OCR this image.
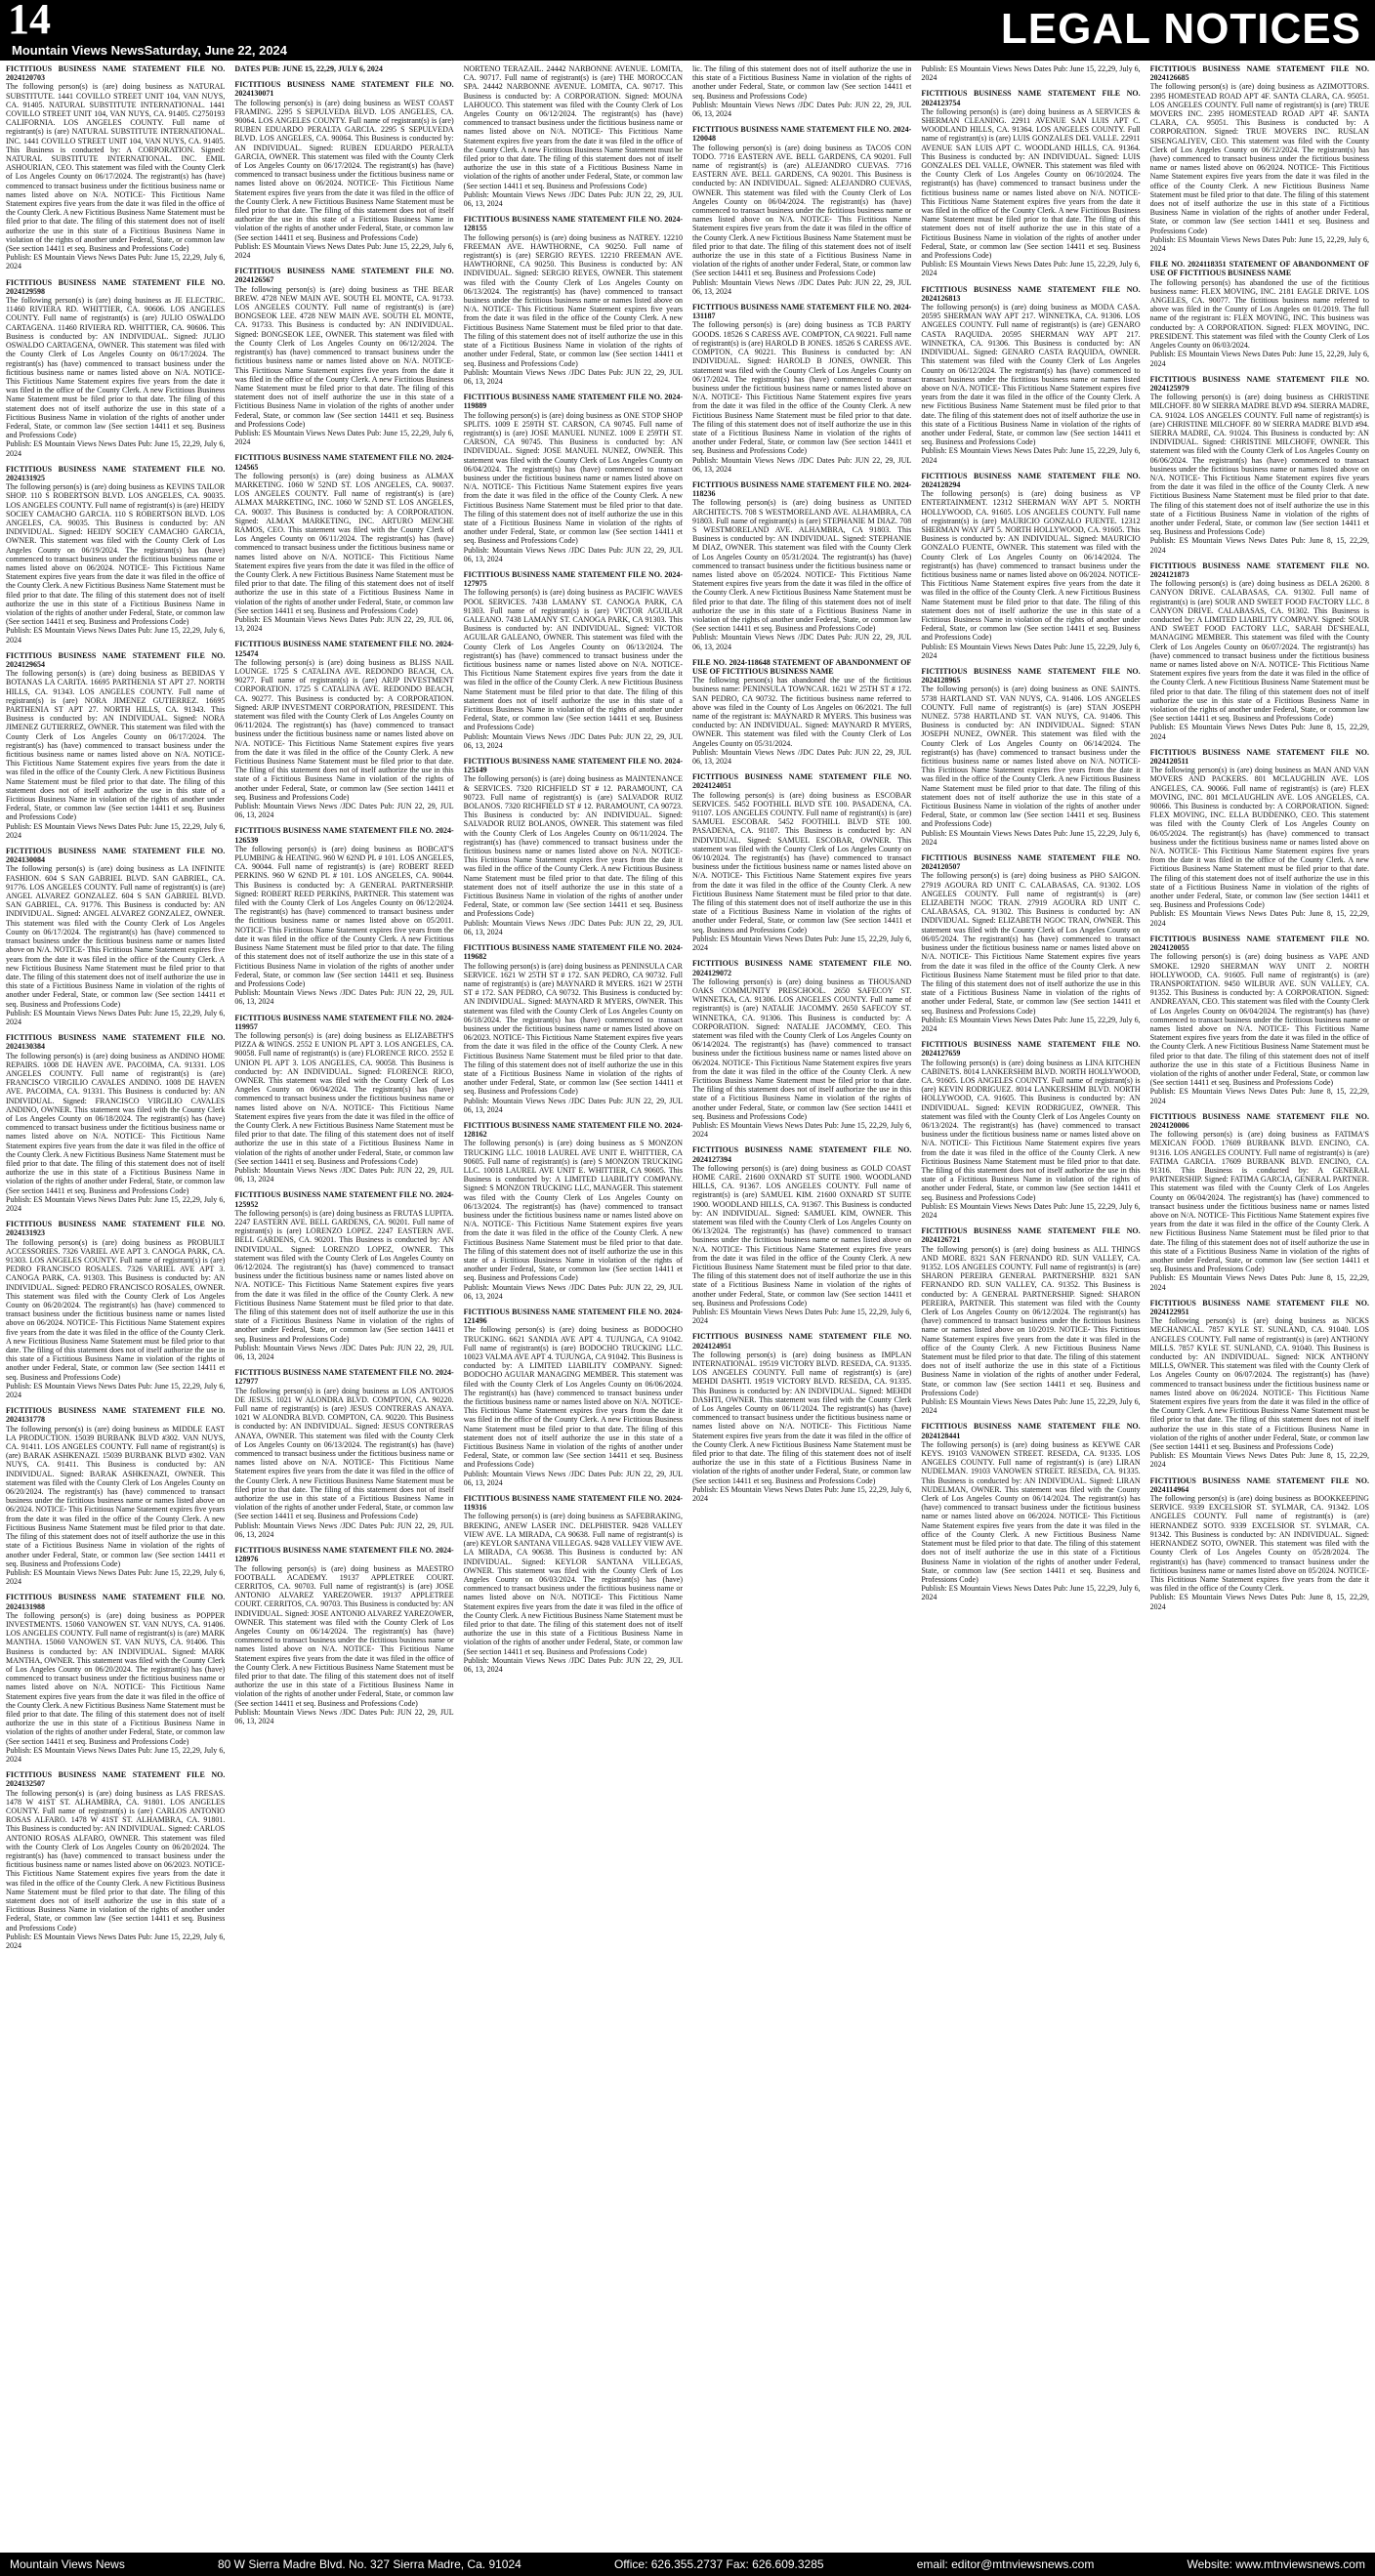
14
Mountain Views NewsSaturday, June 22, 2024	LEGAL NOTICES

FICTITIOUS BUSINESS NAME STATEMENT FILE NO. 2024120703

The following person(s) is (are) doing business as NATURAL SUBSTITUTE. 1441 COVILLO STREET UNIT 104, VAN NUYS, CA. 91405. NATURAL SUBSTITUTE INTERNATIONAL. 1441 COVILLO STREET UNIT 104, VAN NUYS, CA. 91405. C2750193 CALIFORNIA. LOS ANGELES COUNTY. Full name of registrant(s) is (are) NATURAL SUBSTITUTE INTERNATIONAL. INC. 1441 COVILLO STREET UNIT 104, VAN NUYS, CA. 91405. This Business is conducted by: A CORPORATION. Signed: NATURAL SUBSTITUTE INTERNATIONAL. INC. EMIL ASHOURIAN, CEO. This statement was filed with the County Clerk of Los Angeles County on 06/17/2024. The registrant(s) has (have) commenced to transact business under the fictitious business name or names listed above on N/A. NOTICE- This Fictitious Name Statement expires five years from the date it was filed in the office of the County Clerk. A new Fictitious Business Name Statement must be filed prior to that date. The filing of this statement does not of itself authorize the use in this state of a Fictitious Business Name in violation of the rights of another under Federal, State, or common law (See section 14411 et seq. Business and Professions Code)

Publish: ES Mountain Views News Dates Pub: June 15, 22,29, July 6, 2024

FICTITIOUS BUSINESS NAME STATEMENT FILE NO. 2024129598

The following person(s) is (are) doing business as JE ELECTRIC. 11460 RIVIERA RD. WHITTIER, CA. 90606. LOS ANGELES COUNTY. Full name of registrant(s) is (are) JULIO OSWALDO CARTAGENA. 11460 RIVIERA RD. WHITTIER, CA. 90606. This Business is conducted by: AN INDIVIDUAL. Signed: JULIO OSWALDO CARTAGENA, OWNER. This statement was filed with the County Clerk of Los Angeles County on 06/17/2024. The registrant(s) has (have) commenced to transact business under the fictitious business name or names listed above on N/A. NOTICE- This Fictitious Name Statement expires five years from the date it was filed in the office of the County Clerk. A new Fictitious Business Name Statement must be filed prior to that date. The filing of this statement does not of itself authorize the use in this state of a Fictitious Business Name in violation of the rights of another under Federal, State, or common law (See section 14411 et seq. Business and Professions Code)

Publish: ES Mountain Views News Dates Pub: June 15, 22,29, July 6, 2024

FICTITIOUS BUSINESS NAME STATEMENT FILE NO. 2024131925

The following person(s) is (are) doing business as KEVINS TAILOR SHOP. 110 S ROBERTSON BLVD. LOS ANGELES, CA. 90035. LOS ANGELES COUNTY. Full name of registrant(s) is (are) HEIDY SOCIEY CAMACHO GARCIA. 110 S ROBERTSON BLVD. LOS ANGELES, CA. 90035. This Business is conducted by: AN INDIVIDUAL. Signed: HEIDY SOCIEY CAMACHO GARCIA, OWNER. This statement was filed with the County Clerk of Los Angeles County on 06/19/2024. The registrant(s) has (have) commenced to transact business under the fictitious business name or names listed above on 06/2024. NOTICE- This Fictitious Name Statement expires five years from the date it was filed in the office of the County Clerk. A new Fictitious Business Name Statement must be filed prior to that date. The filing of this statement does not of itself authorize the use in this state of a Fictitious Business Name in violation of the rights of another under Federal, State, or common law (See section 14411 et seq. Business and Professions Code)

Publish: ES Mountain Views News Dates Pub: June 15, 22,29, July 6, 2024

FICTITIOUS BUSINESS NAME STATEMENT FILE NO. 2024129654

The following person(s) is (are) doing business as BEBIDAS Y BOTANAS LA CARITA. 16695 PARTHENIA ST APT 27. NORTH HILLS, CA. 91343. LOS ANGELES COUNTY. Full name of registrant(s) is (are) NORA JIMENEZ GUTIERREZ. 16695 PARTHENIA ST APT 27. NORTH HILLS, CA. 91343. This Business is conducted by: AN INDIVIDUAL. Signed: NORA JIMENEZ GUTIERREZ, OWNER. This statement was filed with the County Clerk of Los Angeles County on 06/17/2024. The registrant(s) has (have) commenced to transact business under the fictitious business name or names listed above on N/A. NOTICE- This Fictitious Name Statement expires five years from the date it was filed in the office of the County Clerk. A new Fictitious Business Name Statement must be filed prior to that date. The filing of this statement does not of itself authorize the use in this state of a Fictitious Business Name in violation of the rights of another under Federal, State, or common law (See section 14411 et seq. Business and Professions Code)

Publish: ES Mountain Views News Dates Pub: June 15, 22,29, July 6, 2024

FICTITIOUS BUSINESS NAME STATEMENT FILE NO. 2024130084

The following person(s) is (are) doing business as LA INFINITE FASHION. 604 S SAN GABRIEL BLVD. SAN GABRIEL, CA. 91776. LOS ANGELES COUNTY. Full name of registrant(s) is (are) ANGEL ALVAREZ GONZALEZ. 604 S SAN GABRIEL BLVD. SAN GABRIEL, CA. 91776. This Business is conducted by: AN INDIVIDUAL. Signed: ANGEL ALVAREZ GONZALEZ, OWNER. This statement was filed with the County Clerk of Los Angeles County on 06/17/2024. The registrant(s) has (have) commenced to transact business under the fictitious business name or names listed above on N/A. NOTICE- This Fictitious Name Statement expires five years from the date it was filed in the office of the County Clerk. A new Fictitious Business Name Statement must be filed prior to that date. The filing of this statement does not of itself authorize the use in this state of a Fictitious Business Name in violation of the rights of another under Federal, State, or common law (See section 14411 et seq. Business and Professions Code)

Publish: ES Mountain Views News Dates Pub: June 15, 22,29, July 6, 2024

FICTITIOUS BUSINESS NAME STATEMENT FILE NO. 2024130384

The following person(s) is (are) doing business as ANDINO HOME REPAIRS. 1008 DE HAVEN AVE. PACOIMA, CA. 91331. LOS ANGELES COUNTY. Full name of registrant(s) is (are) FRANCISCO VIRGILIO CAVALES ANDINO. 1008 DE HAVEN AVE. PACOIMA, CA. 91331. This Business is conducted by: AN INDIVIDUAL. Signed: FRANCISCO VIRGILIO CAVALES ANDINO, OWNER. This statement was filed with the County Clerk of Los Angeles County on 06/18/2024. The registrant(s) has (have) commenced to transact business under the fictitious business name or names listed above on N/A. NOTICE- This Fictitious Name Statement expires five years from the date it was filed in the office of the County Clerk. A new Fictitious Business Name Statement must be filed prior to that date. The filing of this statement does not of itself authorize the use in this state of a Fictitious Business Name in violation of the rights of another under Federal, State, or common law (See section 14411 et seq. Business and Professions Code)

Publish: ES Mountain Views News Dates Pub: June 15, 22,29, July 6, 2024

FICTITIOUS BUSINESS NAME STATEMENT FILE NO. 2024131923

The following person(s) is (are) doing business as PROBUILT ACCESSORIES. 7326 VARIEL AVE APT 3. CANOGA PARK, CA. 91303. LOS ANGELES COUNTY. Full name of registrant(s) is (are) PEDRO FRANCISCO ROSALES. 7326 VARIEL AVE APT 3. CANOGA PARK, CA. 91303. This Business is conducted by: AN INDIVIDUAL. Signed: PEDRO FRANCISCO ROSALES, OWNER. This statement was filed with the County Clerk of Los Angeles County on 06/20/2024. The registrant(s) has (have) commenced to transact business under the fictitious business name or names listed above on 06/2024. NOTICE- This Fictitious Name Statement expires five years from the date it was filed in the office of the County Clerk. A new Fictitious Business Name Statement must be filed prior to that date. The filing of this statement does not of itself authorize the use in this state of a Fictitious Business Name in violation of the rights of another under Federal, State, or common law (See section 14411 et seq. Business and Professions Code)

Publish: ES Mountain Views News Dates Pub: June 15, 22,29, July 6, 2024

FICTITIOUS BUSINESS NAME STATEMENT FILE NO. 2024131778

The following person(s) is (are) doing business as MIDDLE EAST LA PRODUCTION. 15039 BURBANK BLVD #302. VAN NUYS, CA. 91411. LOS ANGELES COUNTY. Full name of registrant(s) is (are) BARAK ASHKENAZI. 15039 BURBANK BLVD #302. VAN NUYS, CA. 91411. This Business is conducted by: AN INDIVIDUAL. Signed: BARAK ASHKENAZI, OWNER. This statement was filed with the County Clerk of Los Angeles County on 06/20/2024. The registrant(s) has (have) commenced to transact business under the fictitious business name or names listed above on 06/2024. NOTICE- This Fictitious Name Statement expires five years from the date it was filed in the office of the County Clerk. A new Fictitious Business Name Statement must be filed prior to that date. The filing of this statement does not of itself authorize the use in this state of a Fictitious Business Name in violation of the rights of another under Federal, State, or common law (See section 14411 et seq. Business and Professions Code)

Publish: ES Mountain Views News Dates Pub: June 15, 22,29, July 6, 2024

FICTITIOUS BUSINESS NAME STATEMENT FILE NO. 2024131988

The following person(s) is (are) doing business as POPPER INVESTMENTS. 15060 VANOWEN ST. VAN NUYS, CA. 91406. LOS ANGELES COUNTY. Full name of registrant(s) is (are) MARK MANTHA. 15060 VANOWEN ST. VAN NUYS, CA. 91406. This Business is conducted by: AN INDIVIDUAL. Signed: MARK MANTHA, OWNER. This statement was filed with the County Clerk of Los Angeles County on 06/20/2024. The registrant(s) has (have) commenced to transact business under the fictitious business name or names listed above on N/A. NOTICE- This Fictitious Name Statement expires five years from the date it was filed in the office of the County Clerk. A new Fictitious Business Name Statement must be filed prior to that date. The filing of this statement does not of itself authorize the use in this state of a Fictitious Business Name in violation of the rights of another under Federal, State, or common law (See section 14411 et seq. Business and Professions Code)

Publish: ES Mountain Views News Dates Pub: June 15, 22,29, July 6, 2024

FICTITIOUS BUSINESS NAME STATEMENT FILE NO. 2024132507

The following person(s) is (are) doing business as LAS FRESAS. 1478 W 41ST ST. ALHAMBRA, CA. 91801. LOS ANGELES COUNTY. Full name of registrant(s) is (are) CARLOS ANTONIO ROSAS ALFARO. 1478 W 41ST ST. ALHAMBRA, CA. 91801. This Business is conducted by: AN INDIVIDUAL. Signed: CARLOS ANTONIO ROSAS ALFARO, OWNER. This statement was filed with the County Clerk of Los Angeles County on 06/20/2024. The registrant(s) has (have) commenced to transact business under the fictitious business name or names listed above on 06/2023. NOTICE- This Fictitious Name Statement expires five years from the date it was filed in the office of the County Clerk. A new Fictitious Business Name Statement must be filed prior to that date. The filing of this statement does not of itself authorize the use in this state of a Fictitious Business Name in violation of the rights of another under Federal, State, or common law (See section 14411 et seq. Business and Professions Code)

Publish: ES Mountain Views News Dates Pub: June 15, 22,29, July 6, 2024

DATES PUB: JUNE 15, 22,29, JULY 6, 2024

FICTITIOUS BUSINESS NAME STATEMENT FILE NO. 2024130071

The following person(s) is (are) doing business as WEST COAST FRAMING. 2295 S SEPULVEDA BLVD. LOS ANGELES, CA. 90064. LOS ANGELES COUNTY. Full name of registrant(s) is (are) RUBEN EDUARDO PERALTA GARCIA. 2295 S SEPULVEDA BLVD. LOS ANGELES, CA. 90064. This Business is conducted by: AN INDIVIDUAL. Signed: RUBEN EDUARDO PERALTA GARCIA, OWNER. This statement was filed with the County Clerk of Los Angeles County on 06/17/2024. The registrant(s) has (have) commenced to transact business under the fictitious business name or names listed above on 06/2024. NOTICE- This Fictitious Name Statement expires five years from the date it was filed in the office of the County Clerk. A new Fictitious Business Name Statement must be filed prior to that date. The filing of this statement does not of itself authorize the use in this state of a Fictitious Business Name in violation of the rights of another under Federal, State, or common law (See section 14411 et seq. Business and Professions Code)

Publish: ES Mountain Views News Dates Pub: June 15, 22,29, July 6, 2024

FICTITIOUS BUSINESS NAME STATEMENT FILE NO. 2024126567

The following person(s) is (are) doing business as THE BEAR BREW. 4728 NEW MAIN AVE. SOUTH EL MONTE, CA. 91733. LOS ANGELES COUNTY. Full name of registrant(s) is (are) BONGSEOK LEE. 4728 NEW MAIN AVE. SOUTH EL MONTE, CA. 91733. This Business is conducted by: AN INDIVIDUAL. Signed: BONGSEOK LEE, OWNER. This statement was filed with the County Clerk of Los Angeles County on 06/12/2024. The registrant(s) has (have) commenced to transact business under the fictitious business name or names listed above on N/A. NOTICE- This Fictitious Name Statement expires five years from the date it was filed in the office of the County Clerk. A new Fictitious Business Name Statement must be filed prior to that date. The filing of this statement does not of itself authorize the use in this state of a Fictitious Business Name in violation of the rights of another under Federal, State, or common law (See section 14411 et seq. Business and Professions Code)

Publish: ES Mountain Views News Dates Pub: June 15, 22,29, July 6, 2024

FICTITIOUS BUSINESS NAME STATEMENT FILE NO. 2024-124565

The following person(s) is (are) doing business as ALMAX MARKETING. 1060 W 52ND ST. LOS ANGELES, CA. 90037. LOS ANGELES COUNTY. Full name of registrant(s) is (are) ALMAX MARKETING, INC. 1060 W 52ND ST. LOS ANGELES, CA. 90037. This Business is conducted by: A CORPORATION. Signed: ALMAX MARKETING, INC. ARTURO MENCHE RAMOS, CEO. This statement was filed with the County Clerk of Los Angeles County on 06/11/2024. The registrant(s) has (have) commenced to transact business under the fictitious business name or names listed above on N/A. NOTICE- This Fictitious Name Statement expires five years from the date it was filed in the office of the County Clerk. A new Fictitious Business Name Statement must be filed prior to that date. The filing of this statement does not of itself authorize the use in this state of a Fictitious Business Name in violation of the rights of another under Federal, State, or common law (See section 14411 et seq. Business and Professions Code)

Publish: ES Mountain Views News Dates Pub: JUN 22, 29, JUL 06, 13, 2024

FICTITIOUS BUSINESS NAME STATEMENT FILE NO. 2024-125474

The following person(s) is (are) doing business as BLISS NAIL LOUNGE. 1725 S CATALINA AVE. REDONDO BEACH, CA. 90277. Full name of registrant(s) is (are) ARJP INVESTMENT CORPORATION. 1725 S CATALINA AVE. REDONDO BEACH, CA. 90277. This Business is conducted by: A CORPORATION. Signed: ARJP INVESTMENT CORPORATION, PRESIDENT. This statement was filed with the County Clerk of Los Angeles County on 06/11/2024. The registrant(s) has (have) commenced to transact business under the fictitious business name or names listed above on N/A. NOTICE- This Fictitious Name Statement expires five years from the date it was filed in the office of the County Clerk. A new Fictitious Business Name Statement must be filed prior to that date. The filing of this statement does not of itself authorize the use in this state of a Fictitious Business Name in violation of the rights of another under Federal, State, or common law (See section 14411 et seq. Business and Professions Code)

Publish: Mountain Views News /JDC Dates Pub: JUN 22, 29, JUL 06, 13, 2024

FICTITIOUS BUSINESS NAME STATEMENT FILE NO. 2024-126539

The following person(s) is (are) doing business as BOBCAT'S PLUMBING & HEATING. 960 W 62ND PL # 101. LOS ANGELES, CA. 90044. Full name of registrant(s) is (are) ROBERT REED PERKINS. 960 W 62ND PL # 101. LOS ANGELES, CA. 90044. This Business is conducted by: A GENERAL PARTNERSHIP. Signed: ROBERT REED PERKINS, PARTNER. This statement was filed with the County Clerk of Los Angeles County on 06/12/2024. The registrant(s) has (have) commenced to transact business under the fictitious business name or names listed above on 05/2011. NOTICE- This Fictitious Name Statement expires five years from the date it was filed in the office of the County Clerk. A new Fictitious Business Name Statement must be filed prior to that date. The filing of this statement does not of itself authorize the use in this state of a Fictitious Business Name in violation of the rights of another under Federal, State, or common law (See section 14411 et seq. Business and Professions Code)

Publish: Mountain Views News /JDC Dates Pub: JUN 22, 29, JUL 06, 13, 2024

FICTITIOUS BUSINESS NAME STATEMENT FILE NO. 2024-119957

The following person(s) is (are) doing business as ELIZABETH'S PIZZA & WINGS. 2552 E UNION PL APT 3. LOS ANGELES, CA. 90058. Full name of registrant(s) is (are) FLORENCE RICO. 2552 E UNION PL APT 3. LOS ANGELES, CA. 90058. This Business is conducted by: AN INDIVIDUAL. Signed: FLORENCE RICO, OWNER. This statement was filed with the County Clerk of Los Angeles County on 06/04/2024. The registrant(s) has (have) commenced to transact business under the fictitious business name or names listed above on N/A. NOTICE- This Fictitious Name Statement expires five years from the date it was filed in the office of the County Clerk. A new Fictitious Business Name Statement must be filed prior to that date. The filing of this statement does not of itself authorize the use in this state of a Fictitious Business Name in violation of the rights of another under Federal, State, or common law (See section 14411 et seq. Business and Professions Code)

Publish: Mountain Views News /JDC Dates Pub: JUN 22, 29, JUL 06, 13, 2024

FICTITIOUS BUSINESS NAME STATEMENT FILE NO. 2024-125952

The following person(s) is (are) doing business as FRUTAS LUPITA. 2247 EASTERN AVE. BELL GARDENS, CA. 90201. Full name of registrant(s) is (are) LORENZO LOPEZ. 2247 EASTERN AVE. BELL GARDENS, CA. 90201. This Business is conducted by: AN INDIVIDUAL. Signed: LORENZO LOPEZ, OWNER. This statement was filed with the County Clerk of Los Angeles County on 06/12/2024. The registrant(s) has (have) commenced to transact business under the fictitious business name or names listed above on N/A. NOTICE- This Fictitious Name Statement expires five years from the date it was filed in the office of the County Clerk. A new Fictitious Business Name Statement must be filed prior to that date. The filing of this statement does not of itself authorize the use in this state of a Fictitious Business Name in violation of the rights of another under Federal, State, or common law (See section 14411 et seq. Business and Professions Code)

Publish: Mountain Views News /JDC Dates Pub: JUN 22, 29, JUL 06, 13, 2024

FICTITIOUS BUSINESS NAME STATEMENT FILE NO. 2024-127977

The following person(s) is (are) doing business as LOS ANTOJOS DE JESUS. 1021 W ALONDRA BLVD. COMPTON, CA. 90220. Full name of registrant(s) is (are) JESUS CONTRERAS ANAYA. 1021 W ALONDRA BLVD. COMPTON, CA. 90220. This Business is conducted by: AN INDIVIDUAL. Signed: JESUS CONTRERAS ANAYA, OWNER. This statement was filed with the County Clerk of Los Angeles County on 06/13/2024. The registrant(s) has (have) commenced to transact business under the fictitious business name or names listed above on N/A. NOTICE- This Fictitious Name Statement expires five years from the date it was filed in the office of the County Clerk. A new Fictitious Business Name Statement must be filed prior to that date. The filing of this statement does not of itself authorize the use in this state of a Fictitious Business Name in violation of the rights of another under Federal, State, or common law (See section 14411 et seq. Business and Professions Code)

Publish: Mountain Views News /JDC Dates Pub: JUN 22, 29, JUL 06, 13, 2024

FICTITIOUS BUSINESS NAME STATEMENT FILE NO. 2024-128976

The following person(s) is (are) doing business as MAESTRO FOOTBALL ACADEMY. 19137 APPLETREE COURT. CERRITOS, CA. 90703. Full name of registrant(s) is (are) JOSE ANTONIO ALVAREZ YAREZOWER. 19137 APPLETREE COURT. CERRITOS, CA. 90703. This Business is conducted by: AN INDIVIDUAL. Signed: JOSE ANTONIO ALVAREZ YAREZOWER, OWNER. This statement was filed with the County Clerk of Los Angeles County on 06/14/2024. The registrant(s) has (have) commenced to transact business under the fictitious business name or names listed above on N/A. NOTICE- This Fictitious Name Statement expires five years from the date it was filed in the office of the County Clerk. A new Fictitious Business Name Statement must be filed prior to that date. The filing of this statement does not of itself authorize the use in this state of a Fictitious Business Name in violation of the rights of another under Federal, State, or common law (See section 14411 et seq. Business and Professions Code)

Publish: Mountain Views News /JDC Dates Pub: JUN 22, 29, JUL 06, 13, 2024

NORTENO TERAZAIL. 24442 NARBONNE AVENUE. LOMITA, CA. 90717. Full name of registrant(s) is (are) THE MOROCCAN SPA. 24442 NARBONNE AVENUE. LOMITA, CA. 90717. This Business is conducted by: A CORPORATION. Signed: MOUNA LAHOUCO. This statement was filed with the County Clerk of Los Angeles County on 06/12/2024. The registrant(s) has (have) commenced to transact business under the fictitious business name or names listed above on N/A. NOTICE- This Fictitious Name Statement expires five years from the date it was filed in the office of the County Clerk. A new Fictitious Business Name Statement must be filed prior to that date. The filing of this statement does not of itself authorize the use in this state of a Fictitious Business Name in violation of the rights of another under Federal, State, or common law (See section 14411 et seq. Business and Professions Code)

Publish: Mountain Views News /JDC Dates Pub: JUN 22, 29, JUL 06, 13, 2024

FICTITIOUS BUSINESS NAME STATEMENT FILE NO. 2024-128155

The following person(s) is (are) doing business as NATREY. 12210 FREEMAN AVE. HAWTHORNE, CA 90250. Full name of registrant(s) is (are) SERGIO REYES. 12210 FREEMAN AVE. HAWTHORNE, CA 90250. This Business is conducted by: AN INDIVIDUAL. Signed: SERGIO REYES, OWNER. This statement was filed with the County Clerk of Los Angeles County on 06/13/2024. The registrant(s) has (have) commenced to transact business under the fictitious business name or names listed above on N/A. NOTICE- This Fictitious Name Statement expires five years from the date it was filed in the office of the County Clerk. A new Fictitious Business Name Statement must be filed prior to that date. The filing of this statement does not of itself authorize the use in this state of a Fictitious Business Name in violation of the rights of another under Federal, State, or common law (See section 14411 et seq. Business and Professions Code)

Publish: Mountain Views News /JDC Dates Pub: JUN 22, 29, JUL 06, 13, 2024

FICTITIOUS BUSINESS NAME STATEMENT FILE NO. 2024-119889

The following person(s) is (are) doing business as ONE STOP SHOP SPLITS. 1009 E 259TH ST. CARSON, CA 90745. Full name of registrant(s) is (are) JOSE MANUEL NUNEZ. 1009 E 259TH ST. CARSON, CA 90745. This Business is conducted by: AN INDIVIDUAL. Signed: JOSE MANUEL NUNEZ, OWNER. This statement was filed with the County Clerk of Los Angeles County on 06/04/2024. The registrant(s) has (have) commenced to transact business under the fictitious business name or names listed above on N/A. NOTICE- This Fictitious Name Statement expires five years from the date it was filed in the office of the County Clerk. A new Fictitious Business Name Statement must be filed prior to that date. The filing of this statement does not of itself authorize the use in this state of a Fictitious Business Name in violation of the rights of another under Federal, State, or common law (See section 14411 et seq. Business and Professions Code)

Publish: Mountain Views News /JDC Dates Pub: JUN 22, 29, JUL 06, 13, 2024

FICTITIOUS BUSINESS NAME STATEMENT FILE NO. 2024-127975

The following person(s) is (are) doing business as PACIFIC WAVES POOL SERVICES. 7438 LAMANY ST. CANOGA PARK, CA 91303. Full name of registrant(s) is (are) VICTOR AGUILAR GALEANO. 7438 LAMANY ST. CANOGA PARK, CA 91303. This Business is conducted by: AN INDIVIDUAL. Signed: VICTOR AGUILAR GALEANO, OWNER. This statement was filed with the County Clerk of Los Angeles County on 06/13/2024. The registrant(s) has (have) commenced to transact business under the fictitious business name or names listed above on N/A. NOTICE- This Fictitious Name Statement expires five years from the date it was filed in the office of the County Clerk. A new Fictitious Business Name Statement must be filed prior to that date. The filing of this statement does not of itself authorize the use in this state of a Fictitious Business Name in violation of the rights of another under Federal, State, or common law (See section 14411 et seq. Business and Professions Code)

Publish: Mountain Views News /JDC Dates Pub: JUN 22, 29, JUL 06, 13, 2024

FICTITIOUS BUSINESS NAME STATEMENT FILE NO. 2024-125149

The following person(s) is (are) doing business as MAINTENANCE & SERVICES. 7320 RICHFIELD ST # 12. PARAMOUNT, CA 90723. Full name of registrant(s) is (are) SALVADOR RUIZ BOLANOS. 7320 RICHFIELD ST # 12. PARAMOUNT, CA 90723. This Business is conducted by: AN INDIVIDUAL. Signed: SALVADOR RUIZ BOLANOS, OWNER. This statement was filed with the County Clerk of Los Angeles County on 06/11/2024. The registrant(s) has (have) commenced to transact business under the fictitious business name or names listed above on N/A. NOTICE- This Fictitious Name Statement expires five years from the date it was filed in the office of the County Clerk. A new Fictitious Business Name Statement must be filed prior to that date. The filing of this statement does not of itself authorize the use in this state of a Fictitious Business Name in violation of the rights of another under Federal, State, or common law (See section 14411 et seq. Business and Professions Code)

Publish: Mountain Views News /JDC Dates Pub: JUN 22, 29, JUL 06, 13, 2024

FICTITIOUS BUSINESS NAME STATEMENT FILE NO. 2024-119682

The following person(s) is (are) doing business as PENINSULA CAR SERVICE. 1621 W 25TH ST # 172. SAN PEDRO, CA 90732. Full name of registrant(s) is (are) MAYNARD R MYERS. 1621 W 25TH ST # 172. SAN PEDRO, CA 90732. This Business is conducted by: AN INDIVIDUAL. Signed: MAYNARD R MYERS, OWNER. This statement was filed with the County Clerk of Los Angeles County on 06/18/2024. The registrant(s) has (have) commenced to transact business under the fictitious business name or names listed above on 06/2023. NOTICE- This Fictitious Name Statement expires five years from the date it was filed in the office of the County Clerk. A new Fictitious Business Name Statement must be filed prior to that date. The filing of this statement does not of itself authorize the use in this state of a Fictitious Business Name in violation of the rights of another under Federal, State, or common law (See section 14411 et seq. Business and Professions Code)

Publish: Mountain Views News /JDC Dates Pub: JUN 22, 29, JUL 06, 13, 2024

FICTITIOUS BUSINESS NAME STATEMENT FILE NO. 2024-128162

The following person(s) is (are) doing business as S MONZON TRUCKING LLC. 10018 LAUREL AVE UNIT E. WHITTIER, CA 90605. Full name of registrant(s) is (are) S MONZON TRUCKING LLC. 10018 LAUREL AVE UNIT E. WHITTIER, CA 90605. This Business is conducted by: A LIMITED LIABILITY COMPANY. Signed: S MONZON TRUCKING LLC, MANAGER. This statement was filed with the County Clerk of Los Angeles County on 06/13/2024. The registrant(s) has (have) commenced to transact business under the fictitious business name or names listed above on N/A. NOTICE- This Fictitious Name Statement expires five years from the date it was filed in the office of the County Clerk. A new Fictitious Business Name Statement must be filed prior to that date. The filing of this statement does not of itself authorize the use in this state of a Fictitious Business Name in violation of the rights of another under Federal, State, or common law (See section 14411 et seq. Business and Professions Code)

Publish: Mountain Views News /JDC Dates Pub: JUN 22, 29, JUL 06, 13, 2024

FICTITIOUS BUSINESS NAME STATEMENT FILE NO. 2024-121496

The following person(s) is (are) doing business as BODOCHO TRUCKING. 6621 SANDIA AVE APT 4. TUJUNGA, CA 91042. Full name of registrant(s) is (are) BODOCHO TRUCKING LLC. 10023 VALMA AVE APT 4. TUJUNGA, CA 91042. This Business is conducted by: A LIMITED LIABILITY COMPANY. Signed: BODOCHO AGUIAR MANAGING MEMBER. This statement was filed with the County Clerk of Los Angeles County on 06/06/2024. The registrant(s) has (have) commenced to transact business under the fictitious business name or names listed above on N/A. NOTICE- This Fictitious Name Statement expires five years from the date it was filed in the office of the County Clerk. A new Fictitious Business Name Statement must be filed prior to that date. The filing of this statement does not of itself authorize the use in this state of a Fictitious Business Name in violation of the rights of another under Federal, State, or common law (See section 14411 et seq. Business and Professions Code)

Publish: Mountain Views News /JDC Dates Pub: JUN 22, 29, JUL 06, 13, 2024

FICTITIOUS BUSINESS NAME STATEMENT FILE NO. 2024-119316

The following person(s) is (are) doing business as SAFEBRAKING, BREKING, ANEW LASER INC. DELPHISTER. 9428 VALLEY VIEW AVE. LA MIRADA, CA 90638. Full name of registrant(s) is (are) KEYLOR SANTANA VILLEGAS. 9428 VALLEY VIEW AVE. LA MIRADA, CA 90638. This Business is conducted by: AN INDIVIDUAL. Signed: KEYLOR SANTANA VILLEGAS, OWNER. This statement was filed with the County Clerk of Los Angeles County on 06/03/2024. The registrant(s) has (have) commenced to transact business under the fictitious business name or names listed above on N/A. NOTICE- This Fictitious Name Statement expires five years from the date it was filed in the office of the County Clerk. A new Fictitious Business Name Statement must be filed prior to that date. The filing of this statement does not of itself authorize the use in this state of a Fictitious Business Name in violation of the rights of another under Federal, State, or common law (See section 14411 et seq. Business and Professions Code)

Publish: Mountain Views News /JDC Dates Pub: JUN 22, 29, JUL 06, 13, 2024

lic. The filing of this statement does not of itself authorize the use in this state of a Fictitious Business Name in violation of the rights of another under Federal, State, or common law (See section 14411 et seq. Business and Professions Code)

Publish: Mountain Views News /JDC Dates Pub: JUN 22, 29, JUL 06, 13, 2024

FICTITIOUS BUSINESS NAME STATEMENT FILE NO. 2024-120048

The following person(s) is (are) doing business as TACOS CON TODO. 7716 EASTERN AVE. BELL GARDENS, CA 90201. Full name of registrant(s) is (are) ALEJANDRO CUEVAS. 7716 EASTERN AVE. BELL GARDENS, CA 90201. This Business is conducted by: AN INDIVIDUAL. Signed: ALEJANDRO CUEVAS, OWNER. This statement was filed with the County Clerk of Los Angeles County on 06/04/2024. The registrant(s) has (have) commenced to transact business under the fictitious business name or names listed above on N/A. NOTICE- This Fictitious Name Statement expires five years from the date it was filed in the office of the County Clerk. A new Fictitious Business Name Statement must be filed prior to that date. The filing of this statement does not of itself authorize the use in this state of a Fictitious Business Name in violation of the rights of another under Federal, State, or common law (See section 14411 et seq. Business and Professions Code)

Publish: Mountain Views News /JDC Dates Pub: JUN 22, 29, JUL 06, 13, 2024

FICTITIOUS BUSINESS NAME STATEMENT FILE NO. 2024-131187

The following person(s) is (are) doing business as TCB PARTY GOODS. 18526 S CARESS AVE. COMPTON, CA 90221. Full name of registrant(s) is (are) HAROLD B JONES. 18526 S CARESS AVE. COMPTON, CA 90221. This Business is conducted by: AN INDIVIDUAL. Signed: HAROLD B JONES, OWNER. This statement was filed with the County Clerk of Los Angeles County on 06/17/2024. The registrant(s) has (have) commenced to transact business under the fictitious business name or names listed above on N/A. NOTICE- This Fictitious Name Statement expires five years from the date it was filed in the office of the County Clerk. A new Fictitious Business Name Statement must be filed prior to that date. The filing of this statement does not of itself authorize the use in this state of a Fictitious Business Name in violation of the rights of another under Federal, State, or common law (See section 14411 et seq. Business and Professions Code)

Publish: Mountain Views News /JDC Dates Pub: JUN 22, 29, JUL 06, 13, 2024

FICTITIOUS BUSINESS NAME STATEMENT FILE NO. 2024-118236

The following person(s) is (are) doing business as UNITED ARCHITECTS. 708 S WESTMORELAND AVE. ALHAMBRA, CA 91803. Full name of registrant(s) is (are) STEPHANIE M DIAZ. 708 S WESTMORELAND AVE. ALHAMBRA, CA 91803. This Business is conducted by: AN INDIVIDUAL. Signed: STEPHANIE M DIAZ, OWNER. This statement was filed with the County Clerk of Los Angeles County on 05/31/2024. The registrant(s) has (have) commenced to transact business under the fictitious business name or names listed above on 05/2024. NOTICE- This Fictitious Name Statement expires five years from the date it was filed in the office of the County Clerk. A new Fictitious Business Name Statement must be filed prior to that date. The filing of this statement does not of itself authorize the use in this state of a Fictitious Business Name in violation of the rights of another under Federal, State, or common law (See section 14411 et seq. Business and Professions Code)

Publish: Mountain Views News /JDC Dates Pub: JUN 22, 29, JUL 06, 13, 2024

FILE NO. 2024-118648 STATEMENT OF ABANDONMENT OF USE OF FICTITIOUS BUSINESS NAME

The following person(s) has abandoned the use of the fictitious business name: PENINSULA TOWNCAR. 1621 W 25TH ST # 172. SAN PEDRO, CA 90732. The fictitious business name referred to above was filed in the County of Los Angeles on 06/2021. The full name of the registrant is: MAYNARD R MYERS. This business was conducted by: AN INDIVIDUAL. Signed: MAYNARD R MYERS, OWNER. This statement was filed with the County Clerk of Los Angeles County on 05/31/2024.

Publish: Mountain Views News /JDC Dates Pub: JUN 22, 29, JUL 06, 13, 2024

FICTITIOUS BUSINESS NAME STATEMENT FILE NO. 2024124051

The following person(s) is (are) doing business as ESCOBAR SERVICES. 5452 FOOTHILL BLVD STE 100. PASADENA, CA. 91107. LOS ANGELES COUNTY. Full name of registrant(s) is (are) SAMUEL ESCOBAR. 5452 FOOTHILL BLVD STE 100. PASADENA, CA. 91107. This Business is conducted by: AN INDIVIDUAL. Signed: SAMUEL ESCOBAR, OWNER. This statement was filed with the County Clerk of Los Angeles County on 06/10/2024. The registrant(s) has (have) commenced to transact business under the fictitious business name or names listed above on N/A. NOTICE- This Fictitious Name Statement expires five years from the date it was filed in the office of the County Clerk. A new Fictitious Business Name Statement must be filed prior to that date. The filing of this statement does not of itself authorize the use in this state of a Fictitious Business Name in violation of the rights of another under Federal, State, or common law (See section 14411 et seq. Business and Professions Code)

Publish: ES Mountain Views News Dates Pub: June 15, 22,29, July 6, 2024

FICTITIOUS BUSINESS NAME STATEMENT FILE NO. 2024129072

The following person(s) is (are) doing business as THOUSAND OAKS COMMUNITY PRESCHOOL. 2650 SAFECOY ST. WINNETKA, CA. 91306. LOS ANGELES COUNTY. Full name of registrant(s) is (are) NATALIE JACOMMY. 2650 SAFECOY ST. WINNETKA, CA. 91306. This Business is conducted by: A CORPORATION. Signed: NATALIE JACOMMY, CEO. This statement was filed with the County Clerk of Los Angeles County on 06/14/2024. The registrant(s) has (have) commenced to transact business under the fictitious business name or names listed above on 06/2024. NOTICE- This Fictitious Name Statement expires five years from the date it was filed in the office of the County Clerk. A new Fictitious Business Name Statement must be filed prior to that date. The filing of this statement does not of itself authorize the use in this state of a Fictitious Business Name in violation of the rights of another under Federal, State, or common law (See section 14411 et seq. Business and Professions Code)

Publish: ES Mountain Views News Dates Pub: June 15, 22,29, July 6, 2024

FICTITIOUS BUSINESS NAME STATEMENT FILE NO. 2024127394

The following person(s) is (are) doing business as GOLD COAST HOME CARE. 21600 OXNARD ST SUITE 1900. WOODLAND HILLS, CA. 91367. LOS ANGELES COUNTY. Full name of registrant(s) is (are) SAMUEL KIM. 21600 OXNARD ST SUITE 1900. WOODLAND HILLS, CA. 91367. This Business is conducted by: AN INDIVIDUAL. Signed: SAMUEL KIM, OWNER. This statement was filed with the County Clerk of Los Angeles County on 06/13/2024. The registrant(s) has (have) commenced to transact business under the fictitious business name or names listed above on N/A. NOTICE- This Fictitious Name Statement expires five years from the date it was filed in the office of the County Clerk. A new Fictitious Business Name Statement must be filed prior to that date. The filing of this statement does not of itself authorize the use in this state of a Fictitious Business Name in violation of the rights of another under Federal, State, or common law (See section 14411 et seq. Business and Professions Code)

Publish: ES Mountain Views News Dates Pub: June 15, 22,29, July 6, 2024

FICTITIOUS BUSINESS NAME STATEMENT FILE NO. 2024124951

The following person(s) is (are) doing business as IMPLAN INTERNATIONAL. 19519 VICTORY BLVD. RESEDA, CA. 91335. LOS ANGELES COUNTY. Full name of registrant(s) is (are) MEHDI DASHTI. 19519 VICTORY BLVD. RESEDA, CA. 91335. This Business is conducted by: AN INDIVIDUAL. Signed: MEHDI DASHTI, OWNER. This statement was filed with the County Clerk of Los Angeles County on 06/11/2024. The registrant(s) has (have) commenced to transact business under the fictitious business name or names listed above on N/A. NOTICE- This Fictitious Name Statement expires five years from the date it was filed in the office of the County Clerk. A new Fictitious Business Name Statement must be filed prior to that date. The filing of this statement does not of itself authorize the use in this state of a Fictitious Business Name in violation of the rights of another under Federal, State, or common law (See section 14411 et seq. Business and Professions Code)

Publish: ES Mountain Views News Dates Pub: June 15, 22,29, July 6, 2024

Publish: ES Mountain Views News Dates Pub: June 15, 22,29, July 6, 2024

FICTITIOUS BUSINESS NAME STATEMENT FILE NO. 2024123754

The following person(s) is (are) doing business as A SERVICES & SHERMAN CLEANING. 22911 AVENUE SAN LUIS APT C. WOODLAND HILLS, CA. 91364. LOS ANGELES COUNTY. Full name of registrant(s) is (are) LUIS GONZALES DEL VALLE. 22911 AVENUE SAN LUIS APT C. WOODLAND HILLS, CA. 91364. This Business is conducted by: AN INDIVIDUAL. Signed: LUIS GONZALES DEL VALLE, OWNER. This statement was filed with the County Clerk of Los Angeles County on 06/10/2024. The registrant(s) has (have) commenced to transact business under the fictitious business name or names listed above on N/A. NOTICE- This Fictitious Name Statement expires five years from the date it was filed in the office of the County Clerk. A new Fictitious Business Name Statement must be filed prior to that date. The filing of this statement does not of itself authorize the use in this state of a Fictitious Business Name in violation of the rights of another under Federal, State, or common law (See section 14411 et seq. Business and Professions Code)

Publish: ES Mountain Views News Dates Pub: June 15, 22,29, July 6, 2024

FICTITIOUS BUSINESS NAME STATEMENT FILE NO. 2024126813

The following person(s) is (are) doing business as MODA CASA. 20595 SHERMAN WAY APT 217. WINNETKA, CA. 91306. LOS ANGELES COUNTY. Full name of registrant(s) is (are) GENARO CASTA RAQUIDA. 20595 SHERMAN WAY APT 217. WINNETKA, CA. 91306. This Business is conducted by: AN INDIVIDUAL. Signed: GENARO CASTA RAQUIDA, OWNER. This statement was filed with the County Clerk of Los Angeles County on 06/12/2024. The registrant(s) has (have) commenced to transact business under the fictitious business name or names listed above on N/A. NOTICE- This Fictitious Name Statement expires five years from the date it was filed in the office of the County Clerk. A new Fictitious Business Name Statement must be filed prior to that date. The filing of this statement does not of itself authorize the use in this state of a Fictitious Business Name in violation of the rights of another under Federal, State, or common law (See section 14411 et seq. Business and Professions Code)

Publish: ES Mountain Views News Dates Pub: June 15, 22,29, July 6, 2024

FICTITIOUS BUSINESS NAME STATEMENT FILE NO. 2024128294

The following person(s) is (are) doing business as VP ENTERTAINMENT. 12312 SHERMAN WAY APT 5. NORTH HOLLYWOOD, CA. 91605. LOS ANGELES COUNTY. Full name of registrant(s) is (are) MAURICIO GONZALO FUENTE. 12312 SHERMAN WAY APT 5. NORTH HOLLYWOOD, CA. 91605. This Business is conducted by: AN INDIVIDUAL. Signed: MAURICIO GONZALO FUENTE, OWNER. This statement was filed with the County Clerk of Los Angeles County on 06/14/2024. The registrant(s) has (have) commenced to transact business under the fictitious business name or names listed above on 06/2024. NOTICE- This Fictitious Name Statement expires five years from the date it was filed in the office of the County Clerk. A new Fictitious Business Name Statement must be filed prior to that date. The filing of this statement does not of itself authorize the use in this state of a Fictitious Business Name in violation of the rights of another under Federal, State, or common law (See section 14411 et seq. Business and Professions Code)

Publish: ES Mountain Views News Dates Pub: June 15, 22,29, July 6, 2024

FICTITIOUS BUSINESS NAME STATEMENT FILE NO. 2024128965

The following person(s) is (are) doing business as ONE SAINTS. 5738 HARTLAND ST. VAN NUYS, CA. 91406. LOS ANGELES COUNTY. Full name of registrant(s) is (are) STAN JOSEPH NUNEZ. 5738 HARTLAND ST. VAN NUYS, CA. 91406. This Business is conducted by: AN INDIVIDUAL. Signed: STAN JOSEPH NUNEZ, OWNER. This statement was filed with the County Clerk of Los Angeles County on 06/14/2024. The registrant(s) has (have) commenced to transact business under the fictitious business name or names listed above on N/A. NOTICE- This Fictitious Name Statement expires five years from the date it was filed in the office of the County Clerk. A new Fictitious Business Name Statement must be filed prior to that date. The filing of this statement does not of itself authorize the use in this state of a Fictitious Business Name in violation of the rights of another under Federal, State, or common law (See section 14411 et seq. Business and Professions Code)

Publish: ES Mountain Views News Dates Pub: June 15, 22,29, July 6, 2024

FICTITIOUS BUSINESS NAME STATEMENT FILE NO. 2024120507

The following person(s) is (are) doing business as PHO SAIGON. 27919 AGOURA RD UNIT C. CALABASAS, CA. 91302. LOS ANGELES COUNTY. Full name of registrant(s) is (are) ELIZABETH NGOC TRAN. 27919 AGOURA RD UNIT C. CALABASAS, CA. 91302. This Business is conducted by: AN INDIVIDUAL. Signed: ELIZABETH NGOC TRAN, OWNER. This statement was filed with the County Clerk of Los Angeles County on 06/05/2024. The registrant(s) has (have) commenced to transact business under the fictitious business name or names listed above on N/A. NOTICE- This Fictitious Name Statement expires five years from the date it was filed in the office of the County Clerk. A new Fictitious Business Name Statement must be filed prior to that date. The filing of this statement does not of itself authorize the use in this state of a Fictitious Business Name in violation of the rights of another under Federal, State, or common law (See section 14411 et seq. Business and Professions Code)

Publish: ES Mountain Views News Dates Pub: June 15, 22,29, July 6, 2024

FICTITIOUS BUSINESS NAME STATEMENT FILE NO. 2024127659

The following person(s) is (are) doing business as LINA KITCHEN CABINETS. 8014 LANKERSHIM BLVD. NORTH HOLLYWOOD, CA. 91605. LOS ANGELES COUNTY. Full name of registrant(s) is (are) KEVIN RODRIGUEZ. 8014 LANKERSHIM BLVD. NORTH HOLLYWOOD, CA. 91605. This Business is conducted by: AN INDIVIDUAL. Signed: KEVIN RODRIGUEZ, OWNER. This statement was filed with the County Clerk of Los Angeles County on 06/13/2024. The registrant(s) has (have) commenced to transact business under the fictitious business name or names listed above on N/A. NOTICE- This Fictitious Name Statement expires five years from the date it was filed in the office of the County Clerk. A new Fictitious Business Name Statement must be filed prior to that date. The filing of this statement does not of itself authorize the use in this state of a Fictitious Business Name in violation of the rights of another under Federal, State, or common law (See section 14411 et seq. Business and Professions Code)

Publish: ES Mountain Views News Dates Pub: June 15, 22,29, July 6, 2024

FICTITIOUS BUSINESS NAME STATEMENT FILE NO. 2024126721

The following person(s) is (are) doing business as ALL THINGS AND MORE. 8321 SAN FERNANDO RD. SUN VALLEY, CA. 91352. LOS ANGELES COUNTY. Full name of registrant(s) is (are) SHARON PEREIRA GENERAL PARTNERSHIP. 8321 SAN FERNANDO RD. SUN VALLEY, CA. 91352. This Business is conducted by: A GENERAL PARTNERSHIP. Signed: SHARON PEREIRA, PARTNER. This statement was filed with the County Clerk of Los Angeles County on 06/12/2024. The registrant(s) has (have) commenced to transact business under the fictitious business name or names listed above on 10/2019. NOTICE- This Fictitious Name Statement expires five years from the date it was filed in the office of the County Clerk. A new Fictitious Business Name Statement must be filed prior to that date. The filing of this statement does not of itself authorize the use in this state of a Fictitious Business Name in violation of the rights of another under Federal, State, or common law (See section 14411 et seq. Business and Professions Code)

Publish: ES Mountain Views News Dates Pub: June 15, 22,29, July 6, 2024

FICTITIOUS BUSINESS NAME STATEMENT FILE NO. 2024128441

The following person(s) is (are) doing business as KEYWE CAR KEYS. 19103 VANOWEN STREET. RESEDA, CA. 91335. LOS ANGELES COUNTY. Full name of registrant(s) is (are) LIRAN NUDELMAN. 19103 VANOWEN STREET. RESEDA, CA. 91335. This Business is conducted by: AN INDIVIDUAL. Signed: LIRAN NUDELMAN, OWNER. This statement was filed with the County Clerk of Los Angeles County on 06/14/2024. The registrant(s) has (have) commenced to transact business under the fictitious business name or names listed above on 06/2024. NOTICE- This Fictitious Name Statement expires five years from the date it was filed in the office of the County Clerk. A new Fictitious Business Name Statement must be filed prior to that date. The filing of this statement does not of itself authorize the use in this state of a Fictitious Business Name in violation of the rights of another under Federal, State, or common law (See section 14411 et seq. Business and Professions Code)

Publish: ES Mountain Views News Dates Pub: June 15, 22,29, July 6, 2024

FICTITIOUS BUSINESS NAME STATEMENT FILE NO. 2024126685

The following person(s) is (are) doing business as AZIMOTTORS. 2395 HOMESTEAD ROAD APT 4F. SANTA CLARA, CA. 95051. LOS ANGELES COUNTY. Full name of registrant(s) is (are) TRUE MOVERS INC. 2395 HOMESTEAD ROAD APT 4F. SANTA CLARA, CA. 95051. This Business is conducted by: A CORPORATION. Signed: TRUE MOVERS INC. RUSLAN SISENGALIYEV, CEO. This statement was filed with the County Clerk of Los Angeles County on 06/12/2024. The registrant(s) has (have) commenced to transact business under the fictitious business name or names listed above on 06/2024. NOTICE- This Fictitious Name Statement expires five years from the date it was filed in the office of the County Clerk. A new Fictitious Business Name Statement must be filed prior to that date. The filing of this statement does not of itself authorize the use in this state of a Fictitious Business Name in violation of the rights of another under Federal, State, or common law (See section 14411 et seq. Business and Professions Code)

Publish: ES Mountain Views News Dates Pub: June 15, 22,29, July 6, 2024

FILE NO. 2024118351 STATEMENT OF ABANDONMENT OF USE OF FICTITIOUS BUSINESS NAME

The following person(s) has abandoned the use of the fictitious business name: FLEX MOVING, INC. 2181 EAGLE DRIVE. LOS ANGELES, CA. 90077. The fictitious business name referred to above was filed in the County of Los Angeles on 01/2019. The full name of the registrant is: FLEX MOVING, INC. This business was conducted by: A CORPORATION. Signed: FLEX MOVING, INC. PRESIDENT. This statement was filed with the County Clerk of Los Angeles County on 06/03/2024.

Publish: ES Mountain Views News Dates Pub: June 15, 22,29, July 6, 2024

FICTITIOUS BUSINESS NAME STATEMENT FILE NO. 2024125979

The following person(s) is (are) doing business as CHRISTINE MILCHOFF. 80 W SIERRA MADRE BLVD #94. SIERRA MADRE, CA. 91024. LOS ANGELES COUNTY. Full name of registrant(s) is (are) CHRISTINE MILCHOFF. 80 W SIERRA MADRE BLVD #94. SIERRA MADRE, CA. 91024. This Business is conducted by: AN INDIVIDUAL. Signed: CHRISTINE MILCHOFF, OWNER. This statement was filed with the County Clerk of Los Angeles County on 06/06/2024. The registrant(s) has (have) commenced to transact business under the fictitious business name or names listed above on N/A. NOTICE- This Fictitious Name Statement expires five years from the date it was filed in the office of the County Clerk. A new Fictitious Business Name Statement must be filed prior to that date. The filing of this statement does not of itself authorize the use in this state of a Fictitious Business Name in violation of the rights of another under Federal, State, or common law (See section 14411 et seq. Business and Professions Code)

Publish: ES Mountain Views News Dates Pub: June 8, 15, 22,29, 2024

FICTITIOUS BUSINESS NAME STATEMENT FILE NO. 2024121873

The following person(s) is (are) doing business as DELA 26200. 8 CANYON DRIVE. CALABASAS, CA. 91302. Full name of registrant(s) is (are) SOUR AND SWEET FOOD FACTORY LLC. 8 CANYON DRIVE. CALABASAS, CA. 91302. This Business is conducted by: A LIMITED LIABILITY COMPANY. Signed: SOUR AND SWEET FOOD FACTORY LLC, SARAH DE'SHEALI, MANAGING MEMBER. This statement was filed with the County Clerk of Los Angeles County on 06/07/2024. The registrant(s) has (have) commenced to transact business under the fictitious business name or names listed above on N/A. NOTICE- This Fictitious Name Statement expires five years from the date it was filed in the office of the County Clerk. A new Fictitious Business Name Statement must be filed prior to that date. The filing of this statement does not of itself authorize the use in this state of a Fictitious Business Name in violation of the rights of another under Federal, State, or common law (See section 14411 et seq. Business and Professions Code)

Publish: ES Mountain Views News Dates Pub: June 8, 15, 22,29, 2024

FICTITIOUS BUSINESS NAME STATEMENT FILE NO. 2024120511

The following person(s) is (are) doing business as MAN AND VAN MOVERS AND PACKERS. 801 MCLAUGHLIN AVE. LOS ANGELES, CA. 90066. Full name of registrant(s) is (are) FLEX MOVING, INC. 801 MCLAUGHLIN AVE. LOS ANGELES, CA. 90066. This Business is conducted by: A CORPORATION. Signed: FLEX MOVING, INC. ELLA BUDDENKO, CEO. This statement was filed with the County Clerk of Los Angeles County on 06/05/2024. The registrant(s) has (have) commenced to transact business under the fictitious business name or names listed above on N/A. NOTICE- This Fictitious Name Statement expires five years from the date it was filed in the office of the County Clerk. A new Fictitious Business Name Statement must be filed prior to that date. The filing of this statement does not of itself authorize the use in this state of a Fictitious Business Name in violation of the rights of another under Federal, State, or common law (See section 14411 et seq. Business and Professions Code)

Publish: ES Mountain Views News Dates Pub: June 8, 15, 22,29, 2024

FICTITIOUS BUSINESS NAME STATEMENT FILE NO. 2024120055

The following person(s) is (are) doing business as VAPE AND SMOKE. 12920 SHERMAN WAY UNIT 2. NORTH HOLLYWOOD, CA. 91605. Full name of registrant(s) is (are) TRANSPORTATION. 9450 WILBUR AVE. SUN VALLEY, CA. 91352. This Business is conducted by: A CORPORATION. Signed: ANDREAYAN, CEO. This statement was filed with the County Clerk of Los Angeles County on 06/04/2024. The registrant(s) has (have) commenced to transact business under the fictitious business name or names listed above on N/A. NOTICE- This Fictitious Name Statement expires five years from the date it was filed in the office of the County Clerk. A new Fictitious Business Name Statement must be filed prior to that date. The filing of this statement does not of itself authorize the use in this state of a Fictitious Business Name in violation of the rights of another under Federal, State, or common law (See section 14411 et seq. Business and Professions Code)

Publish: ES Mountain Views News Dates Pub: June 8, 15, 22,29, 2024

FICTITIOUS BUSINESS NAME STATEMENT FILE NO. 2024120006

The following person(s) is (are) doing business as FATIMA'S MEXICAN FOOD. 17609 BURBANK BLVD. ENCINO, CA. 91316. LOS ANGELES COUNTY. Full name of registrant(s) is (are) FATIMA GARCIA. 17609 BURBANK BLVD. ENCINO, CA. 91316. This Business is conducted by: A GENERAL PARTNERSHIP. Signed: FATIMA GARCIA, GENERAL PARTNER. This statement was filed with the County Clerk of Los Angeles County on 06/04/2024. The registrant(s) has (have) commenced to transact business under the fictitious business name or names listed above on N/A. NOTICE- This Fictitious Name Statement expires five years from the date it was filed in the office of the County Clerk. A new Fictitious Business Name Statement must be filed prior to that date. The filing of this statement does not of itself authorize the use in this state of a Fictitious Business Name in violation of the rights of another under Federal, State, or common law (See section 14411 et seq. Business and Professions Code)

Publish: ES Mountain Views News Dates Pub: June 8, 15, 22,29, 2024

FICTITIOUS BUSINESS NAME STATEMENT FILE NO. 2024122951

The following person(s) is (are) doing business as NICKS MECHANICAL. 7857 KYLE ST. SUNLAND, CA. 91040. LOS ANGELES COUNTY. Full name of registrant(s) is (are) ANTHONY MILLS. 7857 KYLE ST. SUNLAND, CA. 91040. This Business is conducted by: AN INDIVIDUAL. Signed: NICK ANTHONY MILLS, OWNER. This statement was filed with the County Clerk of Los Angeles County on 06/07/2024. The registrant(s) has (have) commenced to transact business under the fictitious business name or names listed above on 06/2024. NOTICE- This Fictitious Name Statement expires five years from the date it was filed in the office of the County Clerk. A new Fictitious Business Name Statement must be filed prior to that date. The filing of this statement does not of itself authorize the use in this state of a Fictitious Business Name in violation of the rights of another under Federal, State, or common law (See section 14411 et seq. Business and Professions Code)

Publish: ES Mountain Views News Dates Pub: June 8, 15, 22,29, 2024

FICTITIOUS BUSINESS NAME STATEMENT FILE NO. 2024114964

The following person(s) is (are) doing business as BOOKKEEPING SERVICE. 9339 EXCELSIOR ST. SYLMAR, CA. 91342. LOS ANGELES COUNTY. Full name of registrant(s) is (are) HERNANDEZ SOTO. 9339 EXCELSIOR ST. SYLMAR, CA. 91342. This Business is conducted by: AN INDIVIDUAL. Signed: HERNANDEZ SOTO, OWNER. This statement was filed with the County Clerk of Los Angeles County on 05/28/2024. The registrant(s) has (have) commenced to transact business under the fictitious business name or names listed above on 05/2024. NOTICE- This Fictitious Name Statement expires five years from the date it was filed in the office of the County Clerk.

Publish: ES Mountain Views News Dates Pub: June 8, 15, 22,29, 2024

Mountain Views News	80 W Sierra Madre Blvd. No. 327 Sierra Madre, Ca. 91024	Office: 626.355.2737 Fax: 626.609.3285	email: editor@mtnviewsnews.com	Website: www.mtnviewsnews.com
